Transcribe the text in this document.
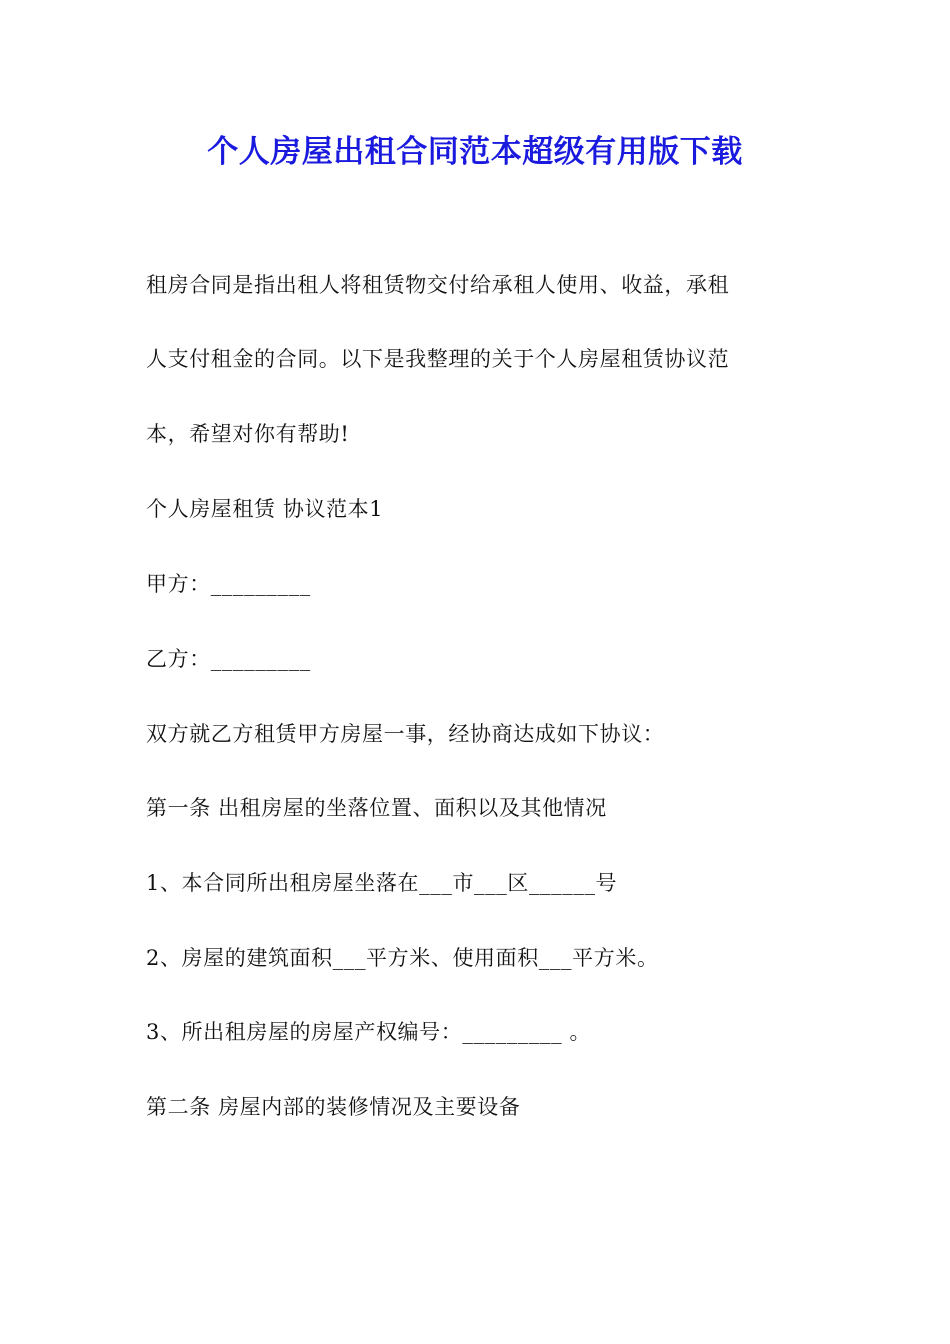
个人房屋出租合同范本超级有用版下载
租房合同是指出租人将租赁物交付给承租人使用、收益，承租
人支付租金的合同。以下是我整理的关于个人房屋租赁协议范
本，希望对你有帮助!
个人房屋租赁 协议范本1
甲方：_________
乙方：_________
双方就乙方租赁甲方房屋一事，经协商达成如下协议：
第一条 出租房屋的坐落位置、面积以及其他情况
1、本合同所出租房屋坐落在___市___区______号
2、房屋的建筑面积___平方米、使用面积___平方米。
3、所出租房屋的房屋产权编号：_________ 。
第二条 房屋内部的装修情况及主要设备
